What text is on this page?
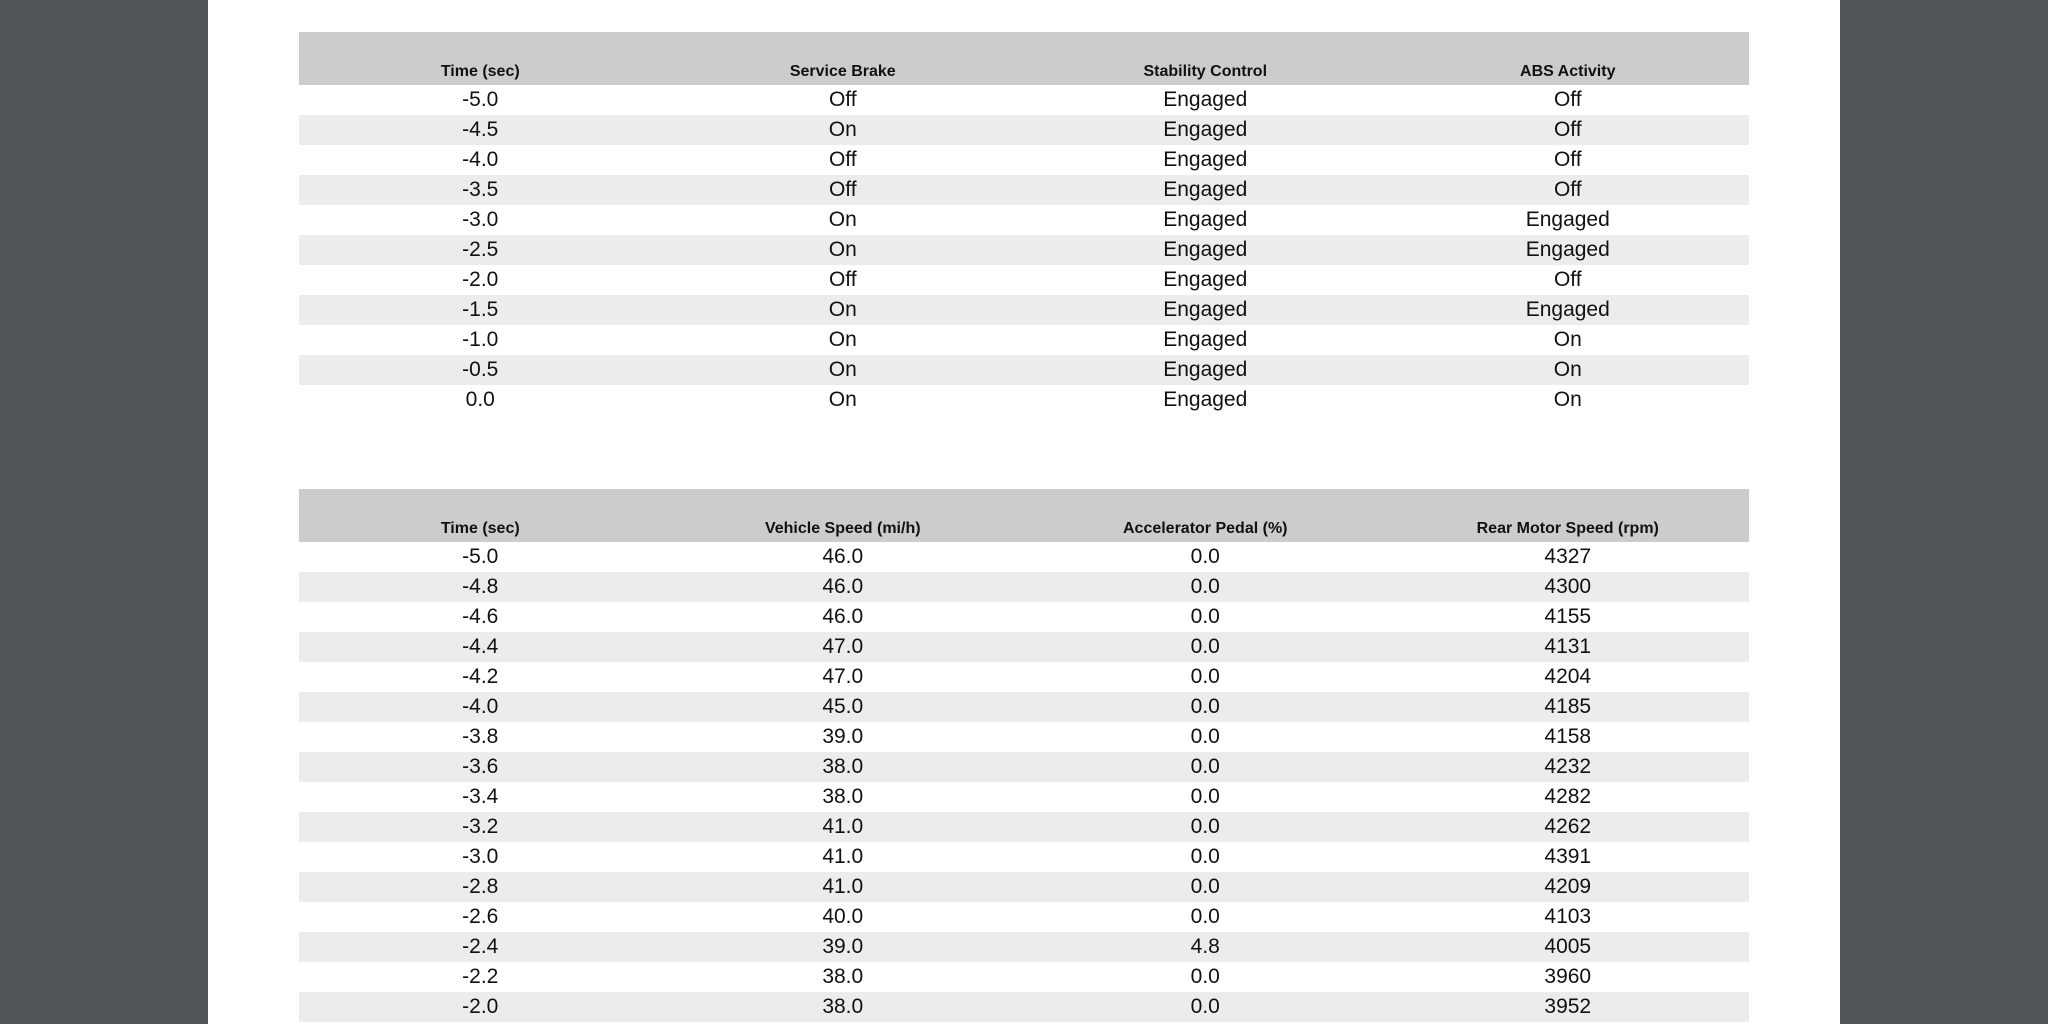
Time (sec)	Service Brake	Stability Control	ABS Activity
-5.0	Off	Engaged	Off
-4.5	On	Engaged	Off
-4.0	Off	Engaged	Off
-3.5	Off	Engaged	Off
-3.0	On	Engaged	Engaged
-2.5	On	Engaged	Engaged
-2.0	Off	Engaged	Off
-1.5	On	Engaged	Engaged
-1.0	On	Engaged	On
-0.5	On	Engaged	On
0.0	On	Engaged	On
Time (sec)	Vehicle Speed (mi/h)	Accelerator Pedal (%)	Rear Motor Speed (rpm)
-5.0	46.0	0.0	4327
-4.8	46.0	0.0	4300
-4.6	46.0	0.0	4155
-4.4	47.0	0.0	4131
-4.2	47.0	0.0	4204
-4.0	45.0	0.0	4185
-3.8	39.0	0.0	4158
-3.6	38.0	0.0	4232
-3.4	38.0	0.0	4282
-3.2	41.0	0.0	4262
-3.0	41.0	0.0	4391
-2.8	41.0	0.0	4209
-2.6	40.0	0.0	4103
-2.4	39.0	4.8	4005
-2.2	38.0	0.0	3960
-2.0	38.0	0.0	3952
